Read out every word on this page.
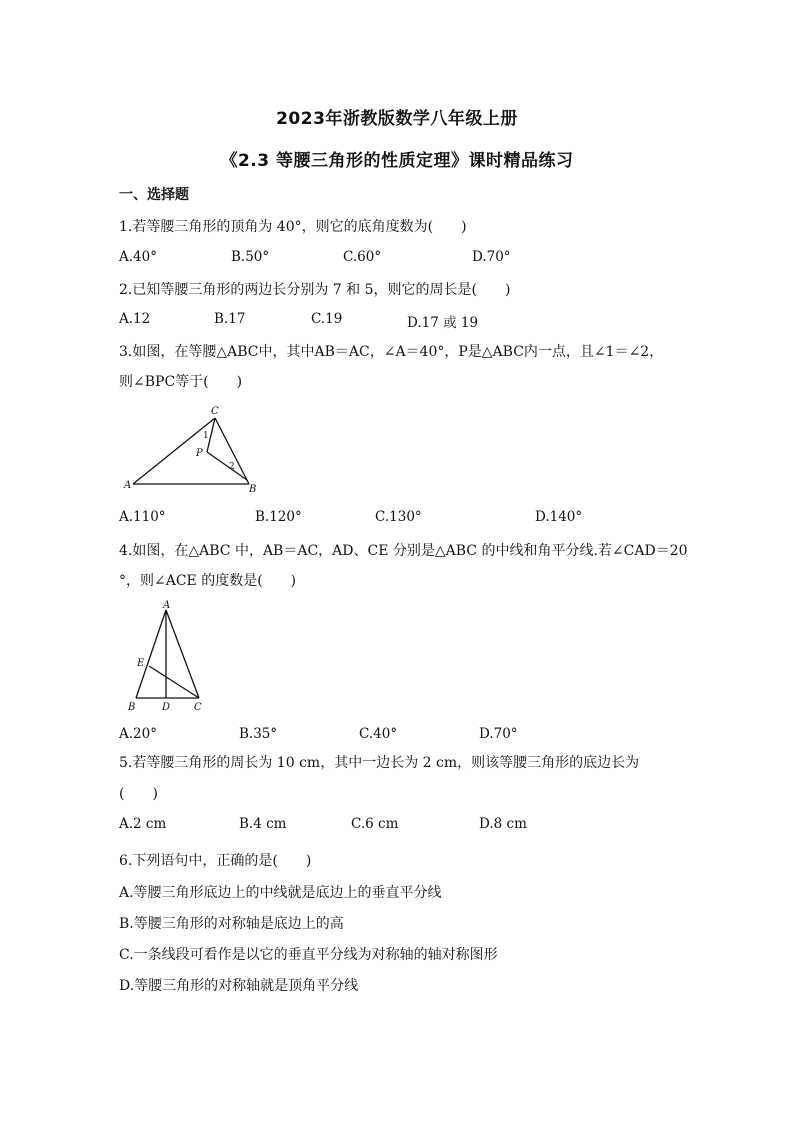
2023年浙教版数学八年级上册
《2.3 等腰三角形的性质定理》课时精品练习
一、选择题
1.若等腰三角形的顶角为 40°，则它的底角度数为(　　)
A.40°	B.50°	C.60°	D.70°
2.已知等腰三角形的两边长分别为 7 和 5，则它的周长是(　　)
A.12	B.17	C.19	D.17 或 19
3.如图，在等腰△ABC中，其中AB＝AC，∠A＝40°，P是△ABC内一点，且∠1＝∠2，
则∠BPC等于(　　)
C
1
P
2
A	B
A.110°	B.120°	C.130°	D.140°
4.如图，在△ABC 中，AB＝AC，AD、CE 分别是△ABC 的中线和角平分线.若∠CAD＝20
°，则∠ACE 的度数是(　　)
A
E
B	D C
A.20°	B.35°	C.40°	D.70°
5.若等腰三角形的周长为 10 cm，其中一边长为 2 cm，则该等腰三角形的底边长为
(　　)
A.2 cm	B.4 cm	C.6 cm	D.8 cm
6.下列语句中，正确的是(　　)
A.等腰三角形底边上的中线就是底边上的垂直平分线
B.等腰三角形的对称轴是底边上的高
C.一条线段可看作是以它的垂直平分线为对称轴的轴对称图形
D.等腰三角形的对称轴就是顶角平分线
